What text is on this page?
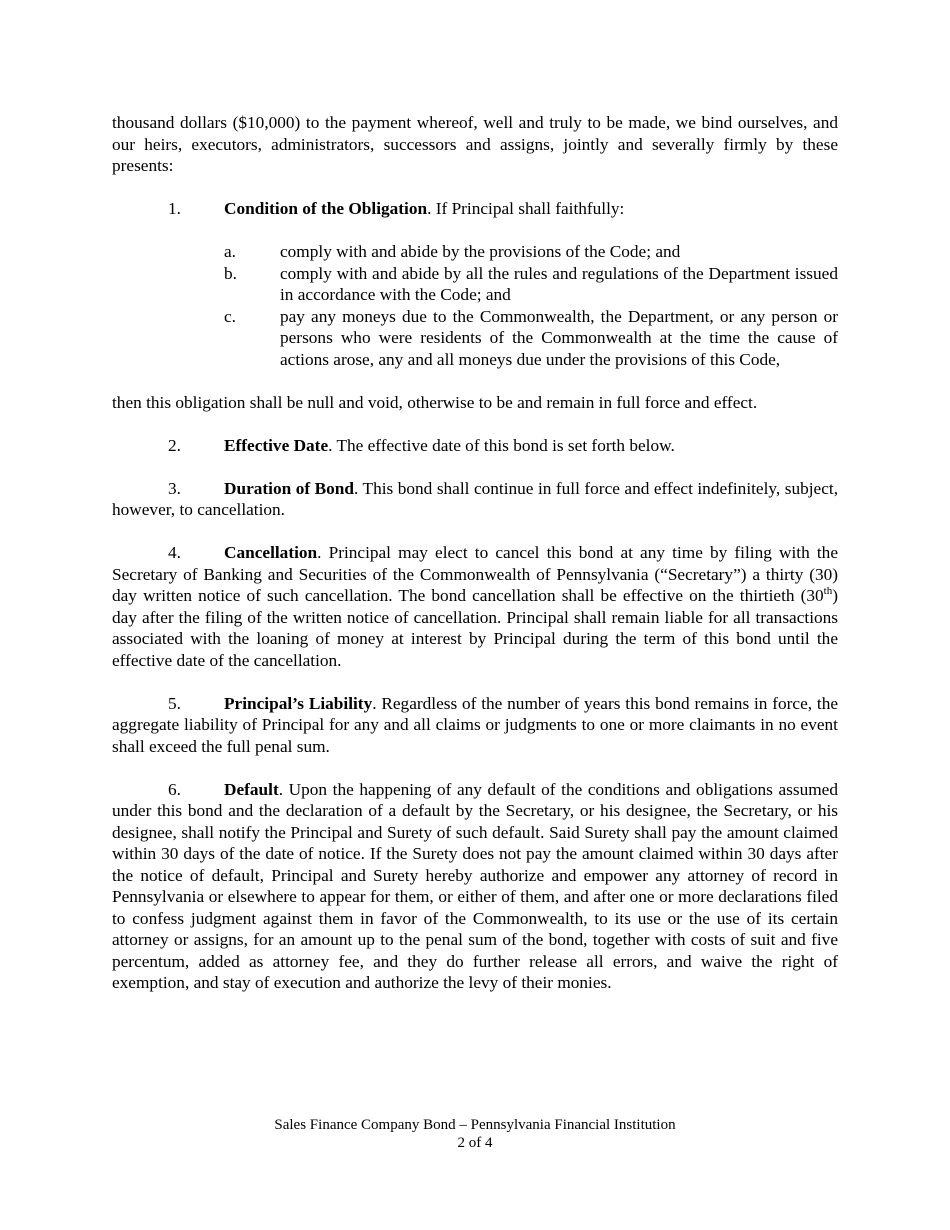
thousand dollars ($10,000) to the payment whereof, well and truly to be made, we bind ourselves, and our heirs, executors, administrators, successors and assigns, jointly and severally firmly by these presents:

1. Condition of the Obligation. If Principal shall faithfully:

a.	comply with and abide by the provisions of the Code; and
b.	comply with and abide by all the rules and regulations of the Department issued in accordance with the Code; and
c.	pay any moneys due to the Commonwealth, the Department, or any person or persons who were residents of the Commonwealth at the time the cause of actions arose, any and all moneys due under the provisions of this Code,

then this obligation shall be null and void, otherwise to be and remain in full force and effect.

2. Effective Date. The effective date of this bond is set forth below.

3. Duration of Bond. This bond shall continue in full force and effect indefinitely, subject, however, to cancellation.

4. Cancellation. Principal may elect to cancel this bond at any time by filing with the Secretary of Banking and Securities of the Commonwealth of Pennsylvania (“Secretary”) a thirty (30) day written notice of such cancellation. The bond cancellation shall be effective on the thirtieth (30th) day after the filing of the written notice of cancellation. Principal shall remain liable for all transactions associated with the loaning of money at interest by Principal during the term of this bond until the effective date of the cancellation.

5. Principal’s Liability. Regardless of the number of years this bond remains in force, the aggregate liability of Principal for any and all claims or judgments to one or more claimants in no event shall exceed the full penal sum.

6. Default. Upon the happening of any default of the conditions and obligations assumed under this bond and the declaration of a default by the Secretary, or his designee, the Secretary, or his designee, shall notify the Principal and Surety of such default. Said Surety shall pay the amount claimed within 30 days of the date of notice. If the Surety does not pay the amount claimed within 30 days after the notice of default, Principal and Surety hereby authorize and empower any attorney of record in Pennsylvania or elsewhere to appear for them, or either of them, and after one or more declarations filed to confess judgment against them in favor of the Commonwealth, to its use or the use of its certain attorney or assigns, for an amount up to the penal sum of the bond, together with costs of suit and five percentum, added as attorney fee, and they do further release all errors, and waive the right of exemption, and stay of execution and authorize the levy of their monies.

Sales Finance Company Bond – Pennsylvania Financial Institution
2 of 4
